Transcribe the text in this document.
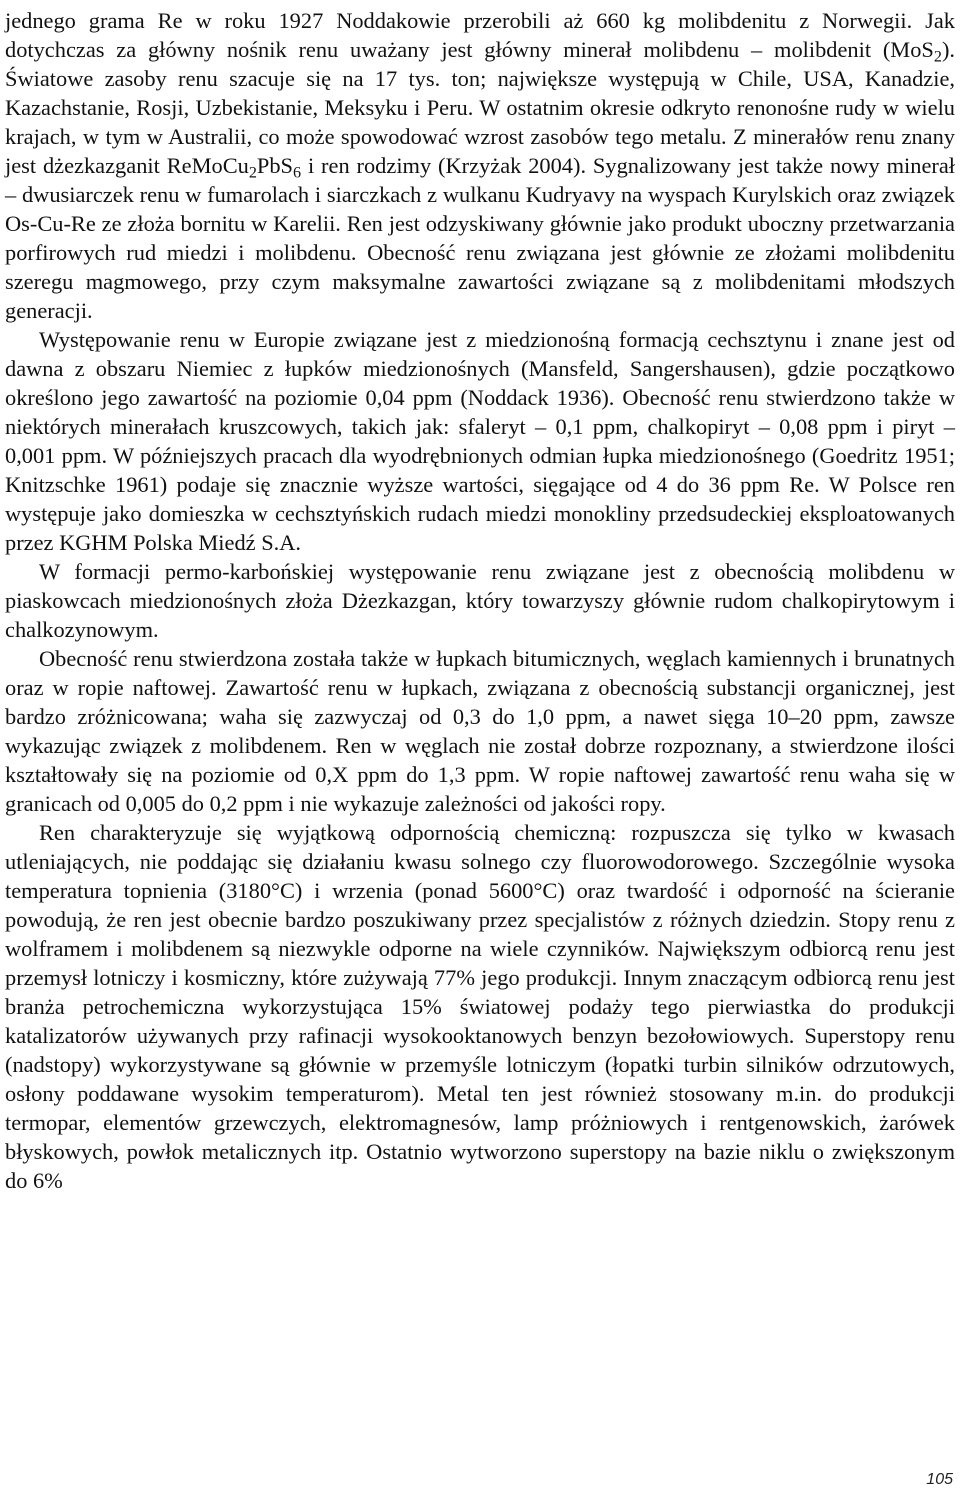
jednego grama Re w roku 1927 Noddakowie przerobili aż 660 kg molibdenitu z Norwegii. Jak dotychczas za główny nośnik renu uważany jest główny minerał molibdenu – molibdenit (MoS$_2$). Światowe zasoby renu szacuje się na 17 tys. ton; największe występują w Chile, USA, Kanadzie, Kazachstanie, Rosji, Uzbekistanie, Meksyku i Peru. W ostatnim okresie odkryto renonośne rudy w wielu krajach, w tym w Australii, co może spowodować wzrost zasobów tego metalu. Z minerałów renu znany jest dżezkazganit ReMoCu$_2$PbS$_6$ i ren rodzimy (Krzyżak 2004). Sygnalizowany jest także nowy minerał – dwusiarczek renu w fumarolach i siarczkach z wulkanu Kudryavy na wyspach Kurylskich oraz związek Os-Cu-Re ze złoża bornitu w Karelii. Ren jest odzyskiwany głównie jako produkt uboczny przetwarzania porfirowych rud miedzi i molibdenu. Obecność renu związana jest głównie ze złożami molibdenitu szeregu magmowego, przy czym maksymalne zawartości związane są z molibdenitami młodszych generacji.

Występowanie renu w Europie związane jest z miedzionośną formacją cechsztynu i znane jest od dawna z obszaru Niemiec z łupków miedzionośnych (Mansfeld, Sangershausen), gdzie początkowo określono jego zawartość na poziomie 0,04 ppm (Noddack 1936). Obecność renu stwierdzono także w niektórych minerałach kruszcowych, takich jak: sfaleryt – 0,1 ppm, chalkopiryt – 0,08 ppm i piryt – 0,001 ppm. W późniejszych pracach dla wyodrębnionych odmian łupka miedzionośnego (Goedritz 1951; Knitzschke 1961) podaje się znacznie wyższe wartości, sięgające od 4 do 36 ppm Re. W Polsce ren występuje jako domieszka w cechsztyńskich rudach miedzi monokliny przedsudeckiej eksploatowanych przez KGHM Polska Miedź S.A.

W formacji permo-karbońskiej występowanie renu związane jest z obecnością molibdenu w piaskowcach miedzionośnych złoża Dżezkazgan, który towarzyszy głównie rudom chalkopirytowym i chalkozynowym.

Obecność renu stwierdzona została także w łupkach bitumicznych, węglach kamiennych i brunatnych oraz w ropie naftowej. Zawartość renu w łupkach, związana z obecnością substancji organicznej, jest bardzo zróżnicowana; waha się zazwyczaj od 0,3 do 1,0 ppm, a nawet sięga 10–20 ppm, zawsze wykazując związek z molibdenem. Ren w węglach nie został dobrze rozpoznany, a stwierdzone ilości kształtowały się na poziomie od 0,X ppm do 1,3 ppm. W ropie naftowej zawartość renu waha się w granicach od 0,005 do 0,2 ppm i nie wykazuje zależności od jakości ropy.

Ren charakteryzuje się wyjątkową odpornością chemiczną: rozpuszcza się tylko w kwasach utleniających, nie poddając się działaniu kwasu solnego czy fluorowodorowego. Szczególnie wysoka temperatura topnienia (3180°C) i wrzenia (ponad 5600°C) oraz twardość i odporność na ścieranie powodują, że ren jest obecnie bardzo poszukiwany przez specjalistów z różnych dziedzin. Stopy renu z wolframem i molibdenem są niezwykle odporne na wiele czynników. Największym odbiorcą renu jest przemysł lotniczy i kosmiczny, które zużywają 77% jego produkcji. Innym znaczącym odbiorcą renu jest branża petrochemiczna wykorzystująca 15% światowej podaży tego pierwiastka do produkcji katalizatorów używanych przy rafinacji wysokooktanowych benzyn bezołowiowych. Superstopy renu (nadstopy) wykorzystywane są głównie w przemyśle lotniczym (łopatki turbin silników odrzutowych, osłony poddawane wysokim temperaturom). Metal ten jest również stosowany m.in. do produkcji termopar, elementów grzewczych, elektromagnesów, lamp próżniowych i rentgenowskich, żarówek błyskowych, powłok metalicznych itp. Ostatnio wytworzono superstopy na bazie niklu o zwiększonym do 6%

105
